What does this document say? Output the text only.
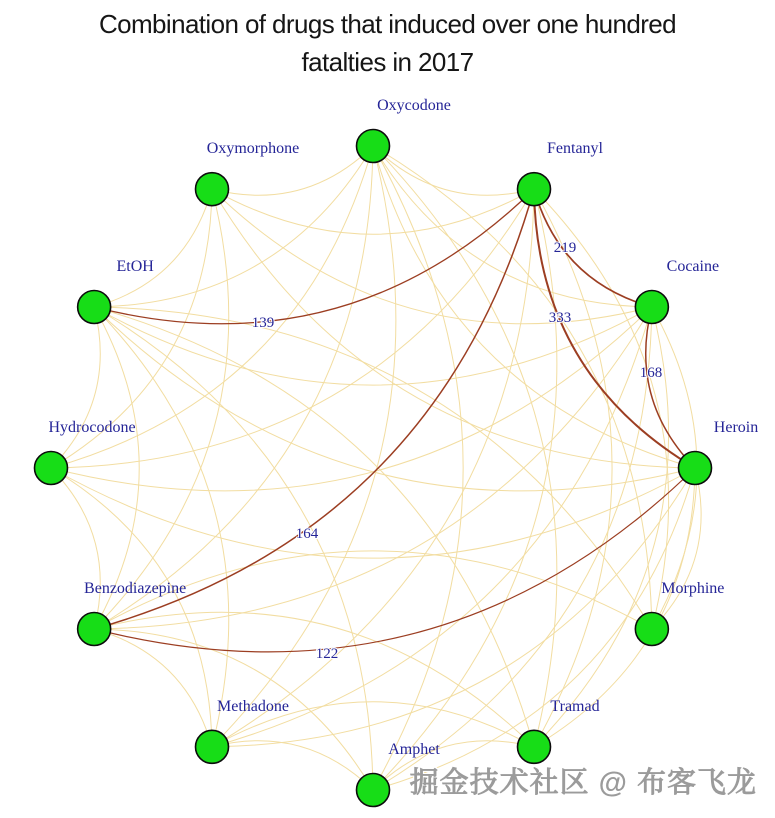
Combination of drugs that induced over one hundred
fatalties in 2017
Heroin
Cocaine
Fentanyl
Oxycodone
Oxymorphone
EtOH
Hydrocodone
Benzodiazepine
Methadone
Amphet
Tramad
Morphine
139
219
333
168
164
122
掘金技术社区 @ 布客飞龙
